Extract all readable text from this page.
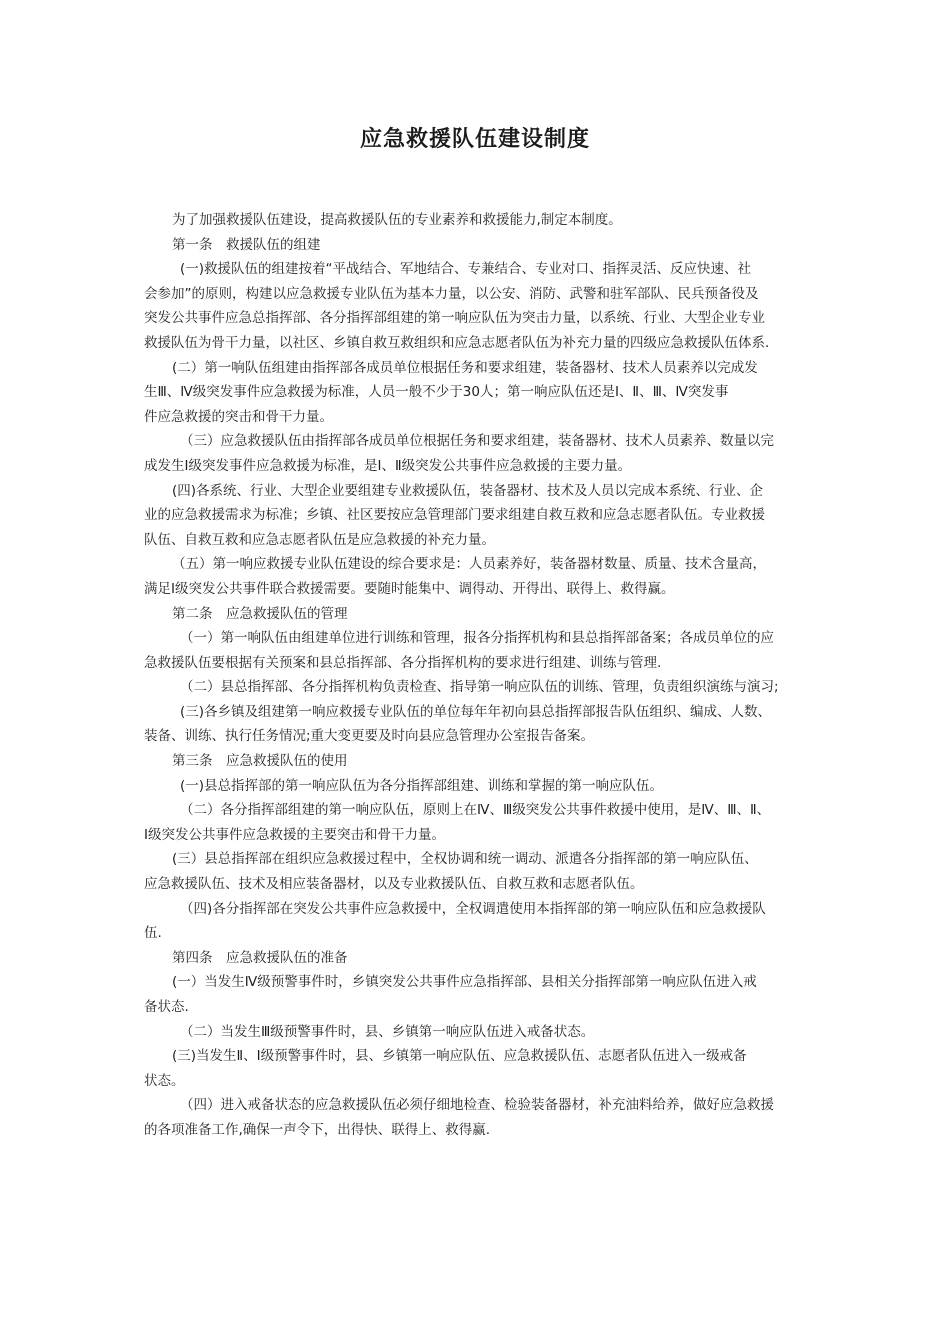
应急救援队伍建设制度

为了加强救援队伍建设，提高救援队伍的专业素养和救援能力,制定本制度。

第一条　救援队伍的组建

(一)救援队伍的组建按着“平战结合、军地结合、专兼结合、专业对口、指挥灵活、反应快速、社

会参加”的原则，构建以应急救援专业队伍为基本力量，以公安、消防、武警和驻军部队、民兵预备役及

突发公共事件应急总指挥部、各分指挥部组建的第一响应队伍为突击力量，以系统、行业、大型企业专业

救援队伍为骨干力量，以社区、乡镇自救互救组织和应急志愿者队伍为补充力量的四级应急救援队伍体系.

(二）第一响队伍组建由指挥部各成员单位根据任务和要求组建，装备器材、技术人员素养以完成发

生Ⅲ、Ⅳ级突发事件应急救援为标准，人员一般不少于30人；第一响应队伍还是Ⅰ、Ⅱ、Ⅲ、Ⅳ突发事

件应急救援的突击和骨干力量。

（三）应急救援队伍由指挥部各成员单位根据任务和要求组建，装备器材、技术人员素养、数量以完

成发生Ⅰ级突发事件应急救援为标准，是Ⅰ、Ⅱ级突发公共事件应急救援的主要力量。

(四)各系统、行业、大型企业要组建专业救援队伍，装备器材、技术及人员以完成本系统、行业、企

业的应急救援需求为标准；乡镇、社区要按应急管理部门要求组建自救互救和应急志愿者队伍。专业救援

队伍、自救互救和应急志愿者队伍是应急救援的补充力量。

（五）第一响应救援专业队伍建设的综合要求是：人员素养好，装备器材数量、质量、技术含量高，

满足Ⅰ级突发公共事件联合救援需要。要随时能集中、调得动、开得出、联得上、救得赢。

第二条　应急救援队伍的管理

（一）第一响队伍由组建单位进行训练和管理，报各分指挥机构和县总指挥部备案；各成员单位的应

急救援队伍要根据有关预案和县总指挥部、各分指挥机构的要求进行组建、训练与管理.

（二）县总指挥部、各分指挥机构负责检查、指导第一响应队伍的训练、管理，负责组织演练与演习;

(三)各乡镇及组建第一响应救援专业队伍的单位每年年初向县总指挥部报告队伍组织、编成、人数、

装备、训练、执行任务情况;重大变更要及时向县应急管理办公室报告备案。

第三条　应急救援队伍的使用

(一)县总指挥部的第一响应队伍为各分指挥部组建、训练和掌握的第一响应队伍。

（二）各分指挥部组建的第一响应队伍，原则上在Ⅳ、Ⅲ级突发公共事件救援中使用，是Ⅳ、Ⅲ、Ⅱ、

Ⅰ级突发公共事件应急救援的主要突击和骨干力量。

(三）县总指挥部在组织应急救援过程中，全权协调和统一调动、派遣各分指挥部的第一响应队伍、

应急救援队伍、技术及相应装备器材，以及专业救援队伍、自救互救和志愿者队伍。

（四)各分指挥部在突发公共事件应急救援中，全权调遣使用本指挥部的第一响应队伍和应急救援队

伍.

第四条　应急救援队伍的准备

(一）当发生Ⅳ级预警事件时，乡镇突发公共事件应急指挥部、县相关分指挥部第一响应队伍进入戒

备状态.

（二）当发生Ⅲ级预警事件时，县、乡镇第一响应队伍进入戒备状态。

(三)当发生Ⅱ、Ⅰ级预警事件时，县、乡镇第一响应队伍、应急救援队伍、志愿者队伍进入一级戒备

状态。

（四）进入戒备状态的应急救援队伍必须仔细地检查、检验装备器材，补充油料给养，做好应急救援

的各项准备工作,确保一声令下，出得快、联得上、救得赢.
